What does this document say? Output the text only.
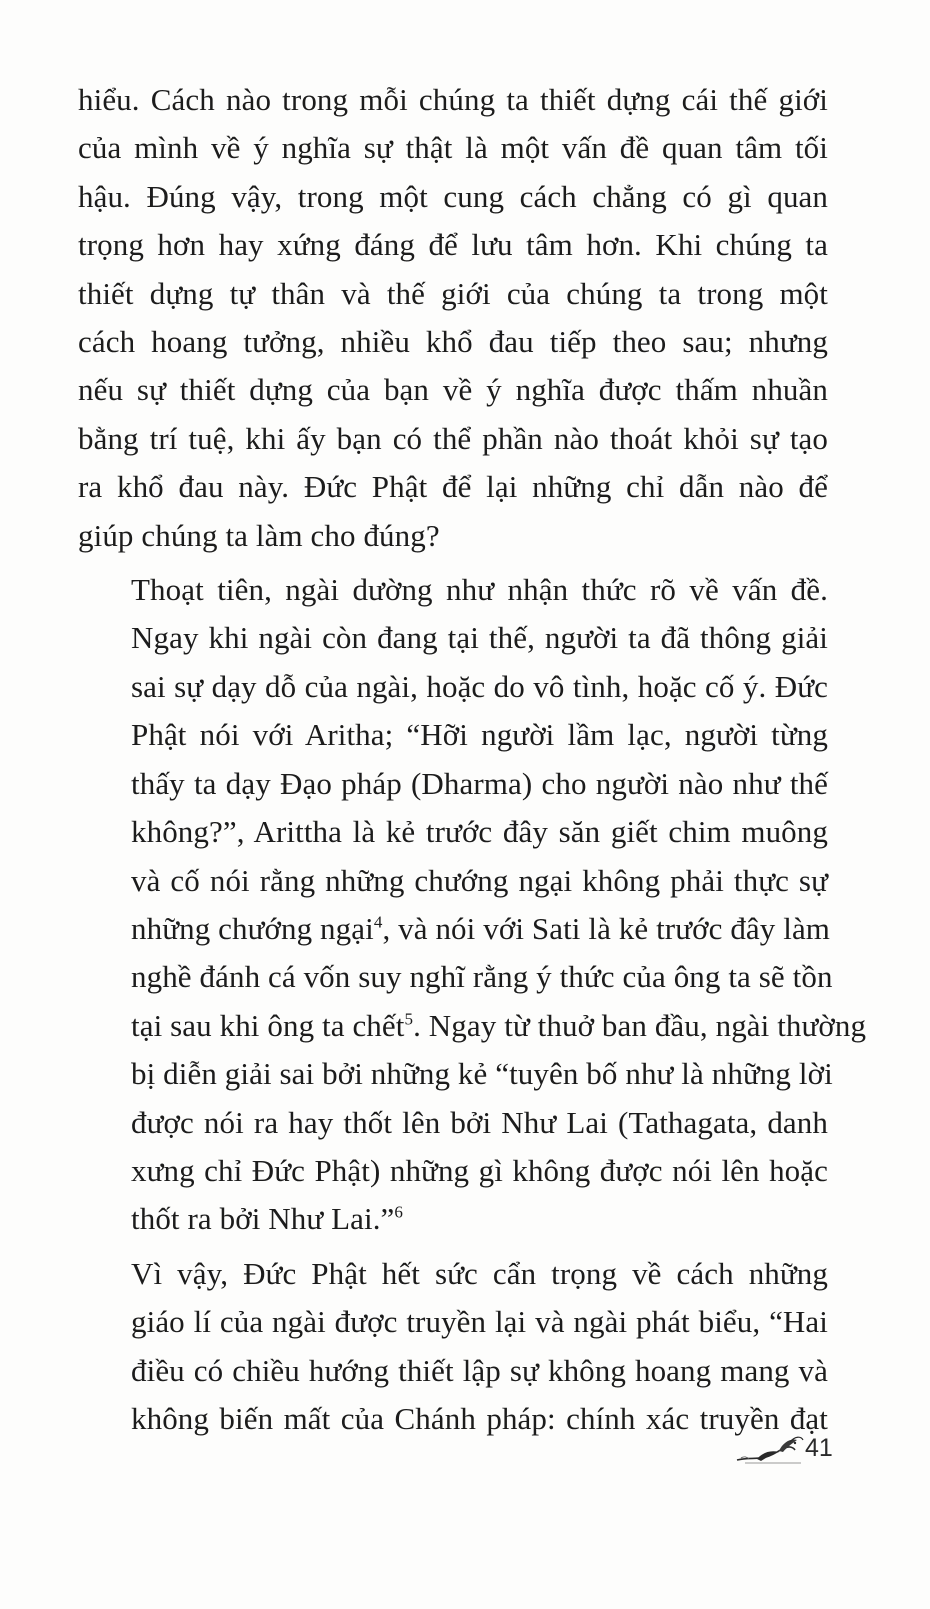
hiểu. Cách nào trong mỗi chúng ta thiết dựng cái thế giới
của mình về ý nghĩa sự thật là một vấn đề quan tâm tối
hậu. Đúng vậy, trong một cung cách chẳng có gì quan
trọng hơn hay xứng đáng để lưu tâm hơn. Khi chúng ta
thiết dựng tự thân và thế giới của chúng ta trong một
cách hoang tưởng, nhiều khổ đau tiếp theo sau; nhưng
nếu sự thiết dựng của bạn về ý nghĩa được thấm nhuần
bằng trí tuệ, khi ấy bạn có thể phần nào thoát khỏi sự tạo
ra khổ đau này. Đức Phật để lại những chỉ dẫn nào để
giúp chúng ta làm cho đúng?

Thoạt tiên, ngài dường như nhận thức rõ về vấn đề.
Ngay khi ngài còn đang tại thế, người ta đã thông giải
sai sự dạy dỗ của ngài, hoặc do vô tình, hoặc cố ý. Đức
Phật nói với Aritha; “Hỡi người lầm lạc, người từng
thấy ta dạy Đạo pháp (Dharma) cho người nào như thế
không?”, Arittha là kẻ trước đây săn giết chim muông
và cố nói rằng những chướng ngại không phải thực sự
những chướng ngại$^4$, và nói với Sati là kẻ trước đây làm
nghề đánh cá vốn suy nghĩ rằng ý thức của ông ta sẽ tồn
tại sau khi ông ta chết$^5$. Ngay từ thuở ban đầu, ngài thường
bị diễn giải sai bởi những kẻ “tuyên bố như là những lời
được nói ra hay thốt lên bởi Như Lai (Tathagata, danh
xưng chỉ Đức Phật) những gì không được nói lên hoặc
thốt ra bởi Như Lai.”$^6$

Vì vậy, Đức Phật hết sức cẩn trọng về cách những
giáo lí của ngài được truyền lại và ngài phát biểu, “Hai
điều có chiều hướng thiết lập sự không hoang mang và
không biến mất của Chánh pháp: chính xác truyền đạt

41
